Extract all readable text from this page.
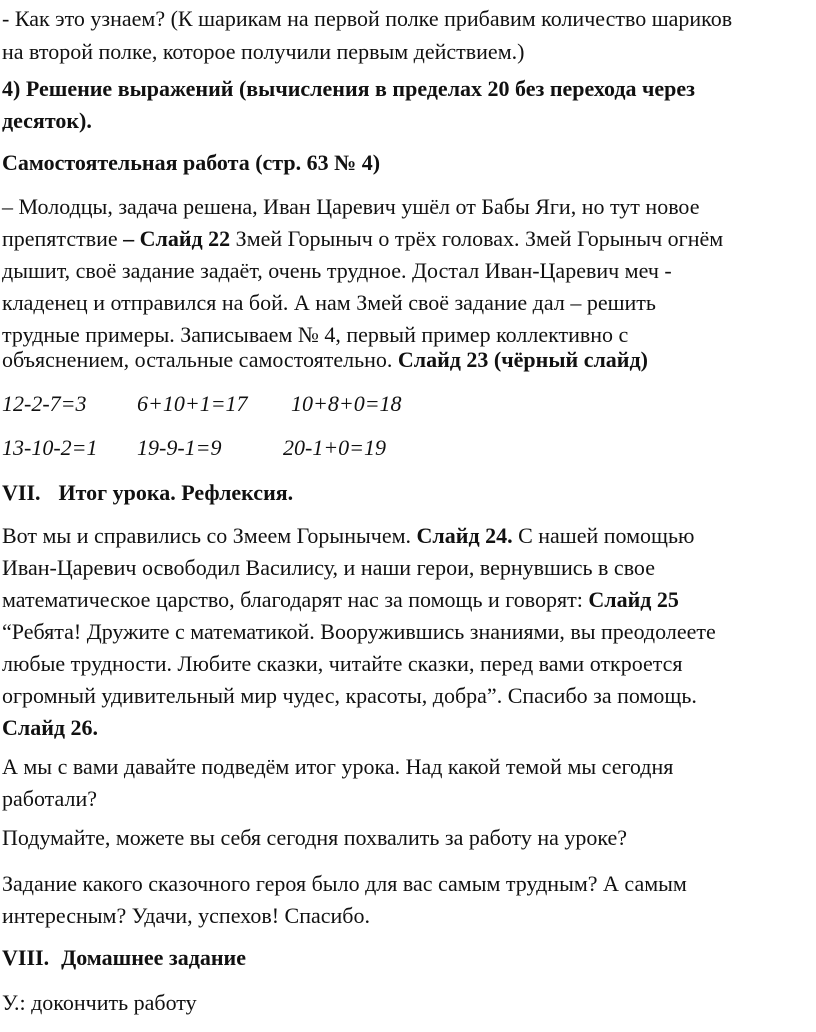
- Как это узнаем? (К шарикам на первой полке прибавим количество шариков
на второй полке, которое получили первым действием.)
4) Решение выражений (вычисления в пределах 20 без перехода через
десяток).
Самостоятельная работа (стр. 63 № 4)
– Молодцы, задача решена, Иван Царевич ушёл от Бабы Яги, но тут новое
препятствие – Слайд 22 Змей Горыныч о трёх головах. Змей Горыныч огнём
дышит, своё задание задаёт, очень трудное. Достал Иван-Царевич меч -
кладенец и отправился на бой. А нам Змей своё задание дал – решить
трудные примеры. Записываем № 4, первый пример коллективно с
объяснением, остальные самостоятельно. Слайд 23 (чёрный слайд)
12-2-7=3 6+10+1=17 10+8+0=18
13-10-2=1 19-9-1=9	20-1+0=19
VII. Итог урока. Рефлексия.
Вот мы и справились со Змеем Горынычем. Слайд 24. С нашей помощью
Иван-Царевич освободил Василису, и наши герои, вернувшись в свое
математическое царство, благодарят нас за помощь и говорят: Слайд 25
“Ребята! Дружите с математикой. Вооружившись знаниями, вы преодолеете
любые трудности. Любите сказки, читайте сказки, перед вами откроется
огромный удивительный мир чудес, красоты, добра”. Спасибо за помощь.
Слайд 26.
А мы с вами давайте подведём итог урока. Над какой темой мы сегодня
работали?
Подумайте, можете вы себя сегодня похвалить за работу на уроке?
Задание какого сказочного героя было для вас самым трудным? А самым
интересным? Удачи, успехов! Спасибо.
VIII. Домашнее задание
У.: докончить работу
